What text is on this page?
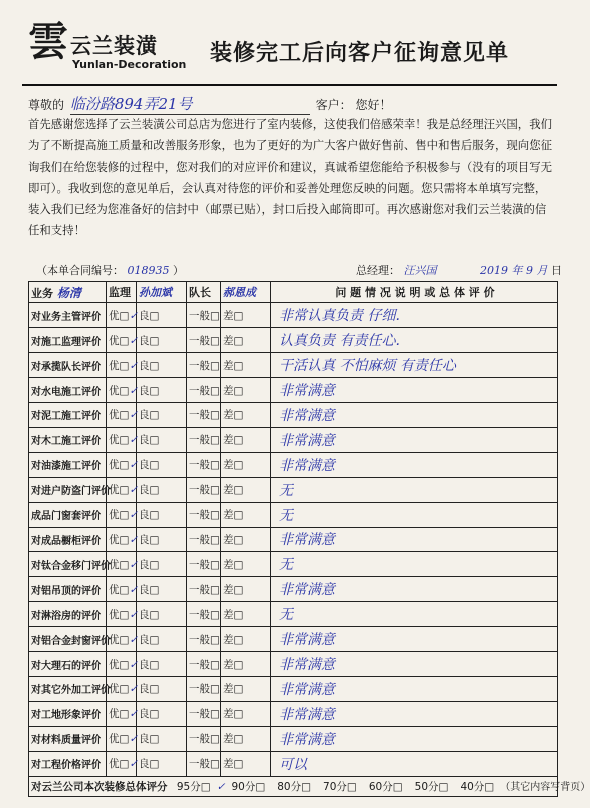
雲 云兰装潢
Yunlan-Decoration 装修完工后向客户征询意见单
尊敬的 临汾路894弄21号	客户： 您好！
首先感谢您选择了云兰装潢公司总店为您进行了室内装修，这使我们倍感荣幸！我是总经理汪兴国，我们为了不断提高施工质量和改善服务形象，也为了更好的为广大客户做好售前、售中和售后服务，现向您征询我们在给您装修的过程中，您对我们的对应评价和建议，真诚希望您能给予积极参与（没有的项目写无即可）。我收到您的意见单后，会认真对待您的评价和妥善处理您反映的问题。您只需将本单填写完整，装入我们已经为您准备好的信封中（邮票已贴），封口后投入邮筒即可。再次感谢您对我们云兰装潢的信任和支持！
（本单合同编号： 018935 ）	总经理： 汪兴国	2019 年 9 月 日
业务 杨清	监理	孙加斌	队长	郝恩成	问 题 情 况 说 明 或 总 体 评 价
对业务主管评价	优□✓	良□	一般□	差□	非常认真负责 仔细.
对施工监理评价	优□✓	良□	一般□	差□	认真负责 有责任心.
对承揽队长评价	优□✓	良□	一般□	差□	干活认真 不怕麻烦 有责任心
对水电施工评价	优□✓	良□	一般□	差□	非常满意
对泥工施工评价	优□✓	良□	一般□	差□	非常满意
对木工施工评价	优□✓	良□	一般□	差□	非常满意
对油漆施工评价	优□✓	良□	一般□	差□	非常满意
对进户防盗门评价	优□✓	良□	一般□	差□	无
成品门窗套评价	优□✓	良□	一般□	差□	无
对成品橱柜评价	优□✓	良□	一般□	差□	非常满意
对钛合金移门评价	优□✓	良□	一般□	差□	无
对铝吊顶的评价	优□✓	良□	一般□	差□	非常满意
对淋浴房的评价	优□✓	良□	一般□	差□	无
对铝合金封窗评价	优□✓	良□	一般□	差□	非常满意
对大理石的评价	优□✓	良□	一般□	差□	非常满意
对其它外加工评价	优□✓	良□	一般□	差□	非常满意
对工地形象评价	优□✓	良□	一般□	差□	非常满意
对材料质量评价	优□✓	良□	一般□	差□	非常满意
对工程价格评价	优□✓	良□	一般□	差□	可以
对云兰公司本次装修总体评分 95分□ ✓ 90分□ 80分□ 70分□ 60分□ 50分□ 40分□ （其它内容写背页）					
